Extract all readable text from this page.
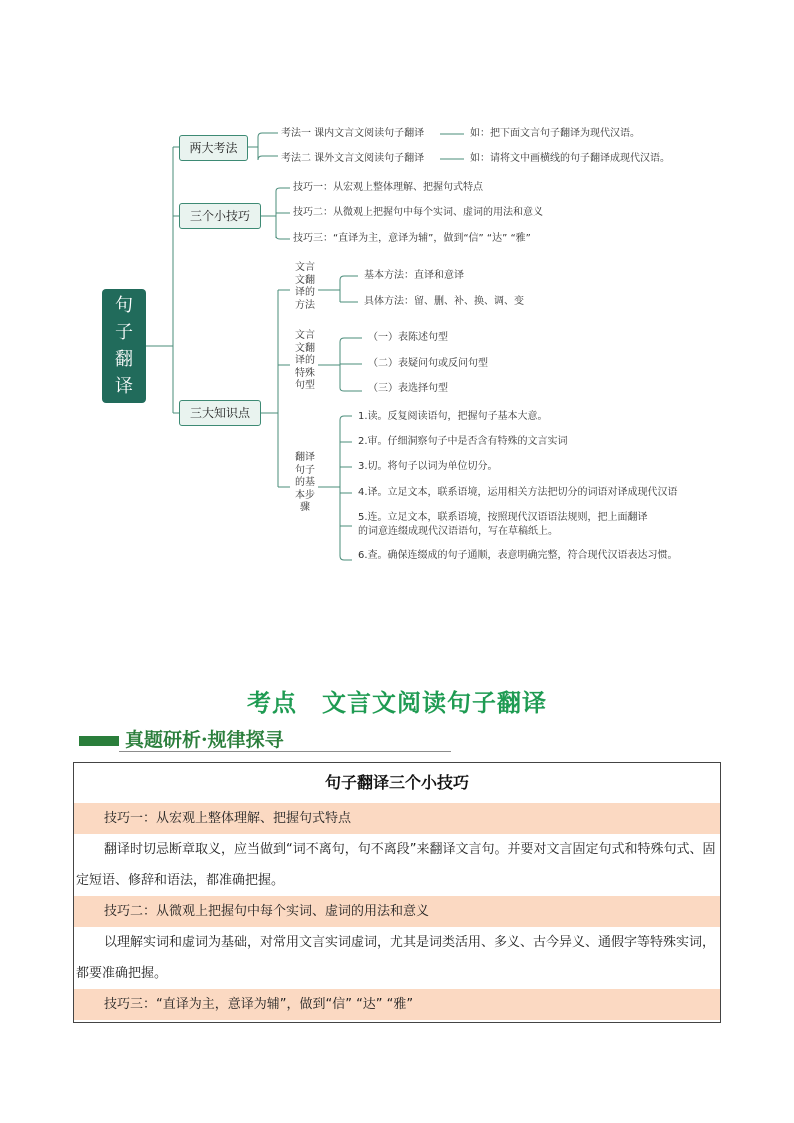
句子翻译
两大考法
考法一 课内文言文阅读句子翻译	如：把下面文言句子翻译为现代汉语。
考法二 课外文言文阅读句子翻译	如：请将文中画横线的句子翻译成现代汉语。
三个小技巧
技巧一：从宏观上整体理解、把握句式特点
技巧二：从微观上把握句中每个实词、虚词的用法和意义
技巧三：“直译为主，意译为辅”，做到“信” “达” “雅”
三大知识点
文言文翻译的方法
基本方法：直译和意译
具体方法：留、删、补、换、调、变
文言文翻译的特殊句型
（一）表陈述句型
（二）表疑问句或反问句型
（三）表选择句型
翻译句子的基本步骤
1.读。反复阅读语句，把握句子基本大意。
2.审。仔细洞察句子中是否含有特殊的文言实词
3.切。将句子以词为单位切分。
4.译。立足文本，联系语境，运用相关方法把切分的词语对译成现代汉语
5.连。立足文本，联系语境，按照现代汉语语法规则，把上面翻译
的词意连缀成现代汉语语句，写在草稿纸上。
6.查。确保连缀成的句子通顺，表意明确完整，符合现代汉语表达习惯。
考点　文言文阅读句子翻译
真题研析·规律探寻
句子翻译三个小技巧
技巧一：从宏观上整体理解、把握句式特点
翻译时切忌断章取义，应当做到“词不离句，句不离段”来翻译文言句。并要对文言固定句式和特殊句式、固定短语、修辞和语法，都准确把握。
技巧二：从微观上把握句中每个实词、虚词的用法和意义
以理解实词和虚词为基础，对常用文言实词虚词，尤其是词类活用、多义、古今异义、通假字等特殊实词，都要准确把握。
技巧三：“直译为主，意译为辅”，做到“信” “达” “雅”
